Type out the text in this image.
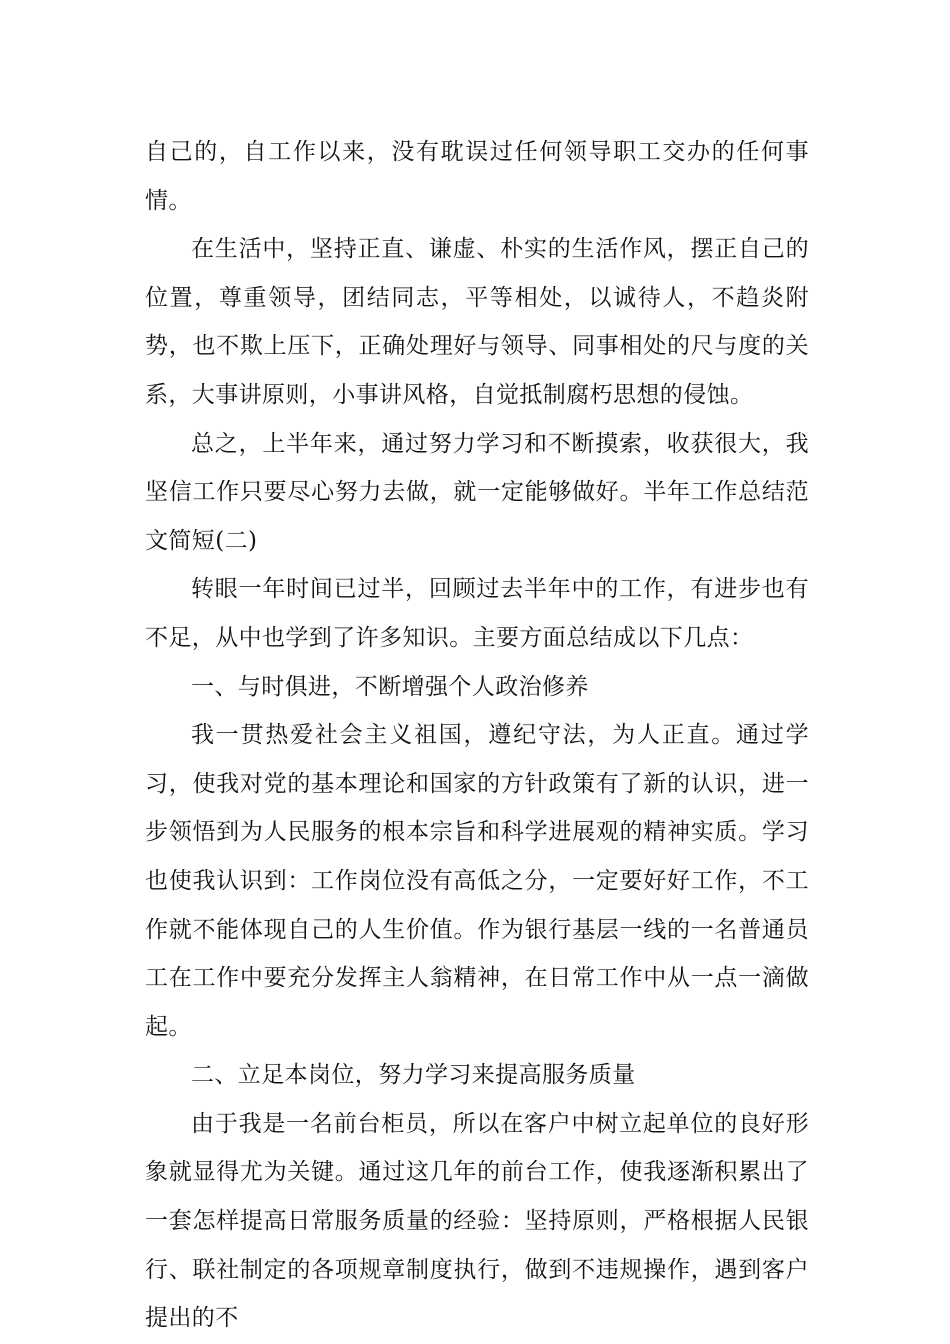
自己的，自工作以来，没有耽误过任何领导职工交办的任何事情。

在生活中，坚持正直、谦虚、朴实的生活作风，摆正自己的位置，尊重领导，团结同志，平等相处，以诚待人，不趋炎附势，也不欺上压下，正确处理好与领导、同事相处的尺与度的关系，大事讲原则，小事讲风格，自觉抵制腐朽思想的侵蚀。

总之，上半年来，通过努力学习和不断摸索，收获很大，我坚信工作只要尽心努力去做，就一定能够做好。半年工作总结范文简短(二)

转眼一年时间已过半，回顾过去半年中的工作，有进步也有不足，从中也学到了许多知识。主要方面总结成以下几点：

一、与时俱进，不断增强个人政治修养

我一贯热爱社会主义祖国，遵纪守法，为人正直。通过学习，使我对党的基本理论和国家的方针政策有了新的认识，进一步领悟到为人民服务的根本宗旨和科学进展观的精神实质。学习也使我认识到：工作岗位没有高低之分，一定要好好工作，不工作就不能体现自己的人生价值。作为银行基层一线的一名普通员工在工作中要充分发挥主人翁精神，在日常工作中从一点一滴做起。

二、立足本岗位，努力学习来提高服务质量

由于我是一名前台柜员，所以在客户中树立起单位的良好形象就显得尤为关键。通过这几年的前台工作，使我逐渐积累出了一套怎样提高日常服务质量的经验：坚持原则，严格根据人民银行、联社制定的各项规章制度执行，做到不违规操作，遇到客户提出的不
